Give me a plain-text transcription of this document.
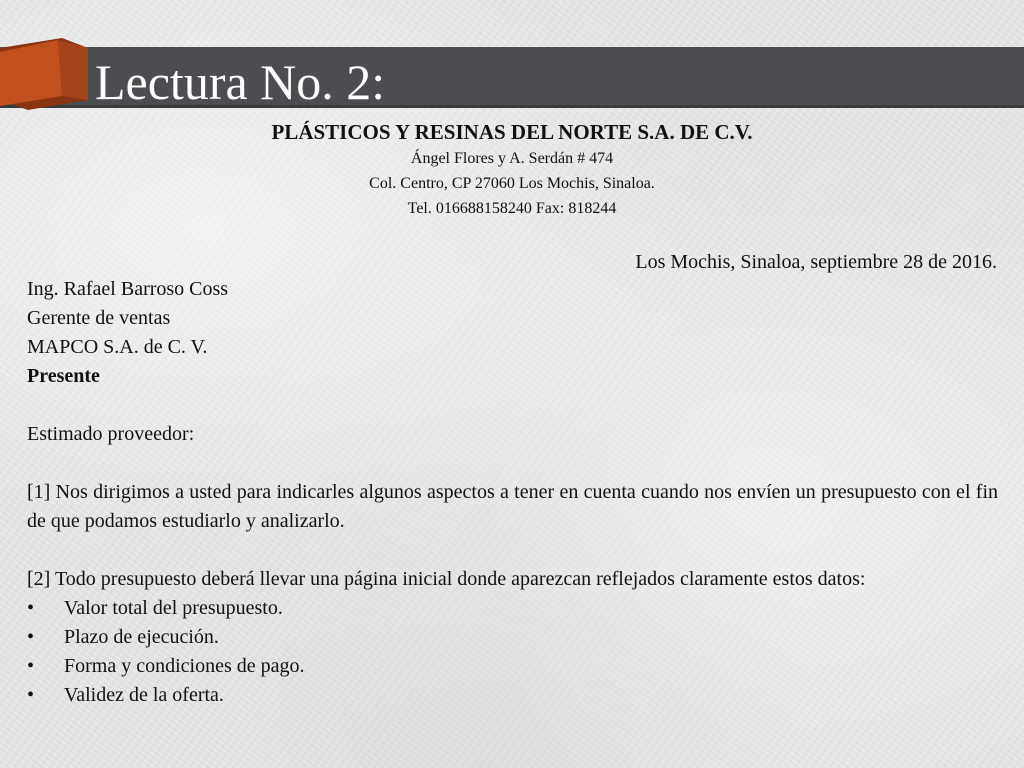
Lectura No. 2:
PLÁSTICOS Y RESINAS DEL NORTE S.A. DE C.V.
Ángel Flores y A. Serdán # 474
Col. Centro, CP 27060 Los Mochis, Sinaloa.
Tel. 016688158240 Fax: 818244
Los Mochis, Sinaloa, septiembre 28 de 2016.

Ing. Rafael Barroso Coss

Gerente de ventas

MAPCO S.A. de C. V.

Presente

Estimado proveedor:

[1] Nos dirigimos a usted para indicarles algunos aspectos a tener en cuenta cuando nos envíen un presupuesto con el fin de que podamos estudiarlo y analizarlo.

[2] Todo presupuesto deberá llevar una página inicial donde aparezcan reflejados claramente estos datos:

• Valor total del presupuesto.
• Plazo de ejecución.
• Forma y condiciones de pago.
• Validez de la oferta.
